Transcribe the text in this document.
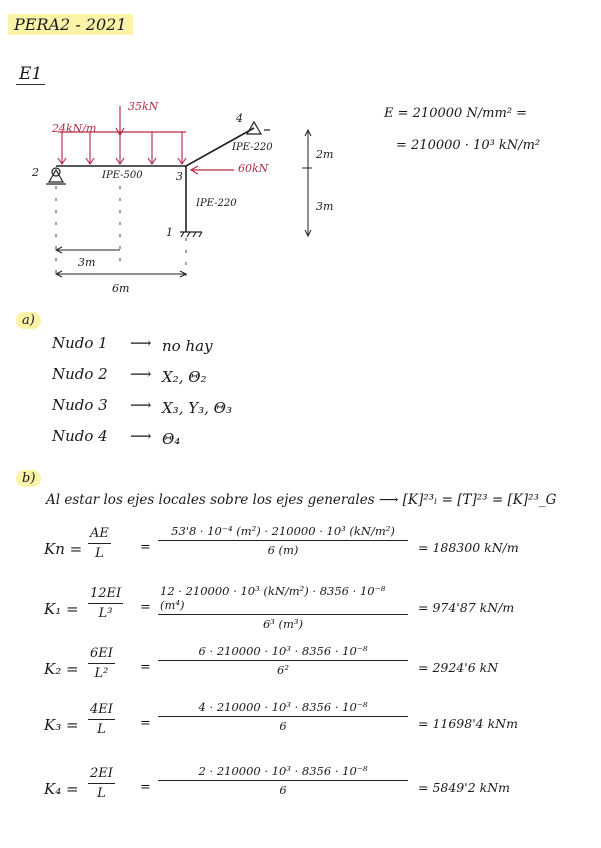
PERA2 - 2021
E1
24kN/m
35kN
60kN
IPE-500
IPE-220
IPE-220
1
2	3
4
3m
6m
2m
3m
E = 210000 N/mm² =
= 210000 · 10³ kN/m²
a)
Nudo 1 ⟶ no hay
Nudo 2 ⟶ X₂, Θ₂
Nudo 3 ⟶ X₃, Y₃, Θ₃
Nudo 4 ⟶ Θ₄
b)
Al estar los ejes locales sobre los ejes generales ⟶ [K]²³ₗ = [T]²³ = [K]²³_G
Kn =
AE
L	=
53'8 · 10⁻⁴ (m²) · 210000 · 10³ (kN/m²)
6 (m)	= 188300 kN/m
K₁ =
12EI
L³ =
12 · 210000 · 10³ (kN/m²) · 8356 · 10⁻⁸ (m⁴)
6³ (m³)
= 974'87 kN/m
K₂ =
6EI
L² =
6 · 210000 · 10³ · 8356 · 10⁻⁸
6²	= 2924'6 kN
K₃ =
4EI
L	=
4 · 210000 · 10³ · 8356 · 10⁻⁸
6	= 11698'4 kNm
K₄ =
2EI
L	=
2 · 210000 · 10³ · 8356 · 10⁻⁸
6	= 5849'2 kNm
